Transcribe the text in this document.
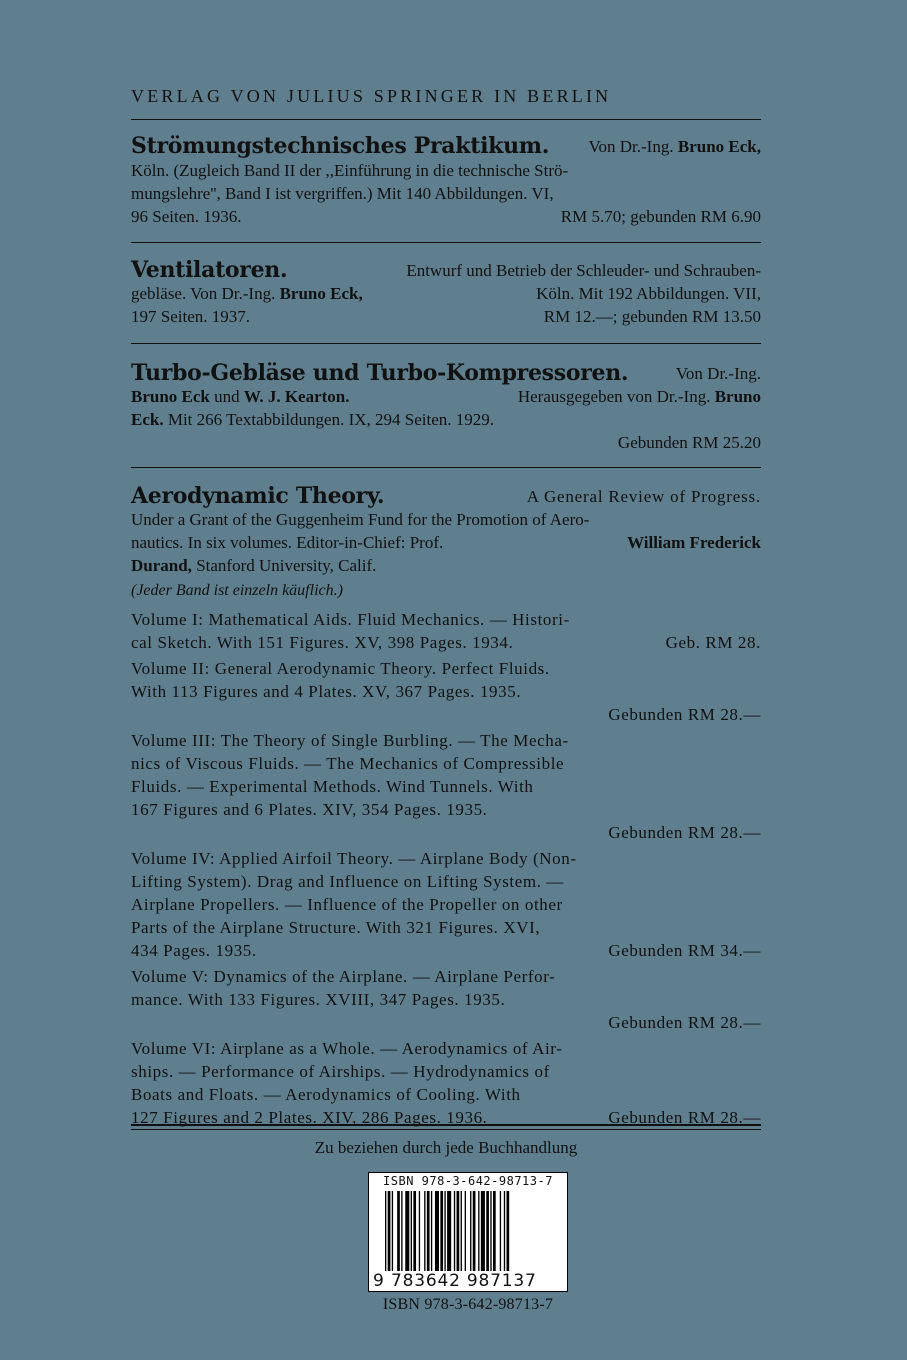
VERLAG VON JULIUS SPRINGER IN BERLIN
Strömungstechnisches Praktikum. Von Dr.-Ing. Bruno Eck,
Köln. (Zugleich Band II der ,,Einführung in die technische Strö-
mungslehre'', Band I ist vergriffen.) Mit 140 Abbildungen. VI,
96 Seiten. 1936.	RM 5.70; gebunden RM 6.90
Ventilatoren.	Entwurf und Betrieb der Schleuder- und Schrauben-
gebläse. Von Dr.-Ing. Bruno Eck,	Köln. Mit 192 Abbildungen. VII,
197 Seiten. 1937.	RM 12.—; gebunden RM 13.50
Turbo-Gebläse und Turbo-Kompressoren.	Von Dr.-Ing.
Bruno Eck und W. J. Kearton.	Herausgegeben von Dr.-Ing. Bruno
Eck. Mit 266 Textabbildungen. IX, 294 Seiten. 1929.
Gebunden RM 25.20
Aerodynamic Theory.	A General Review of Progress.
Under a Grant of the Guggenheim Fund for the Promotion of Aero-
nautics. In six volumes. Editor-in-Chief: Prof.	William Frederick
Durand, Stanford University, Calif.
(Jeder Band ist einzeln käuflich.)
Volume I: Mathematical Aids. Fluid Mechanics. — Histori-
cal Sketch. With 151 Figures. XV, 398 Pages. 1934.	Geb. RM 28.
Volume II: General Aerodynamic Theory. Perfect Fluids.
With 113 Figures and 4 Plates. XV, 367 Pages. 1935.
Gebunden RM 28.—
Volume III: The Theory of Single Burbling. — The Mecha-
nics of Viscous Fluids. — The Mechanics of Compressible
Fluids. — Experimental Methods. Wind Tunnels. With
167 Figures and 6 Plates. XIV, 354 Pages. 1935.
Gebunden RM 28.—
Volume IV: Applied Airfoil Theory. — Airplane Body (Non-
Lifting System). Drag and Influence on Lifting System. —
Airplane Propellers. — Influence of the Propeller on other
Parts of the Airplane Structure. With 321 Figures. XVI,
434 Pages. 1935.	Gebunden RM 34.—
Volume V: Dynamics of the Airplane. — Airplane Perfor-
mance. With 133 Figures. XVIII, 347 Pages. 1935.
Gebunden RM 28.—
Volume VI: Airplane as a Whole. — Aerodynamics of Air-
ships. — Performance of Airships. — Hydrodynamics of
Boats and Floats. — Aerodynamics of Cooling. With
127 Figures and 2 Plates. XIV, 286 Pages. 1936.	Gebunden RM 28.—
Zu beziehen durch jede Buchhandlung
ISBN 978-3-642-98713-7
9 783642 987137
ISBN 978-3-642-98713-7
